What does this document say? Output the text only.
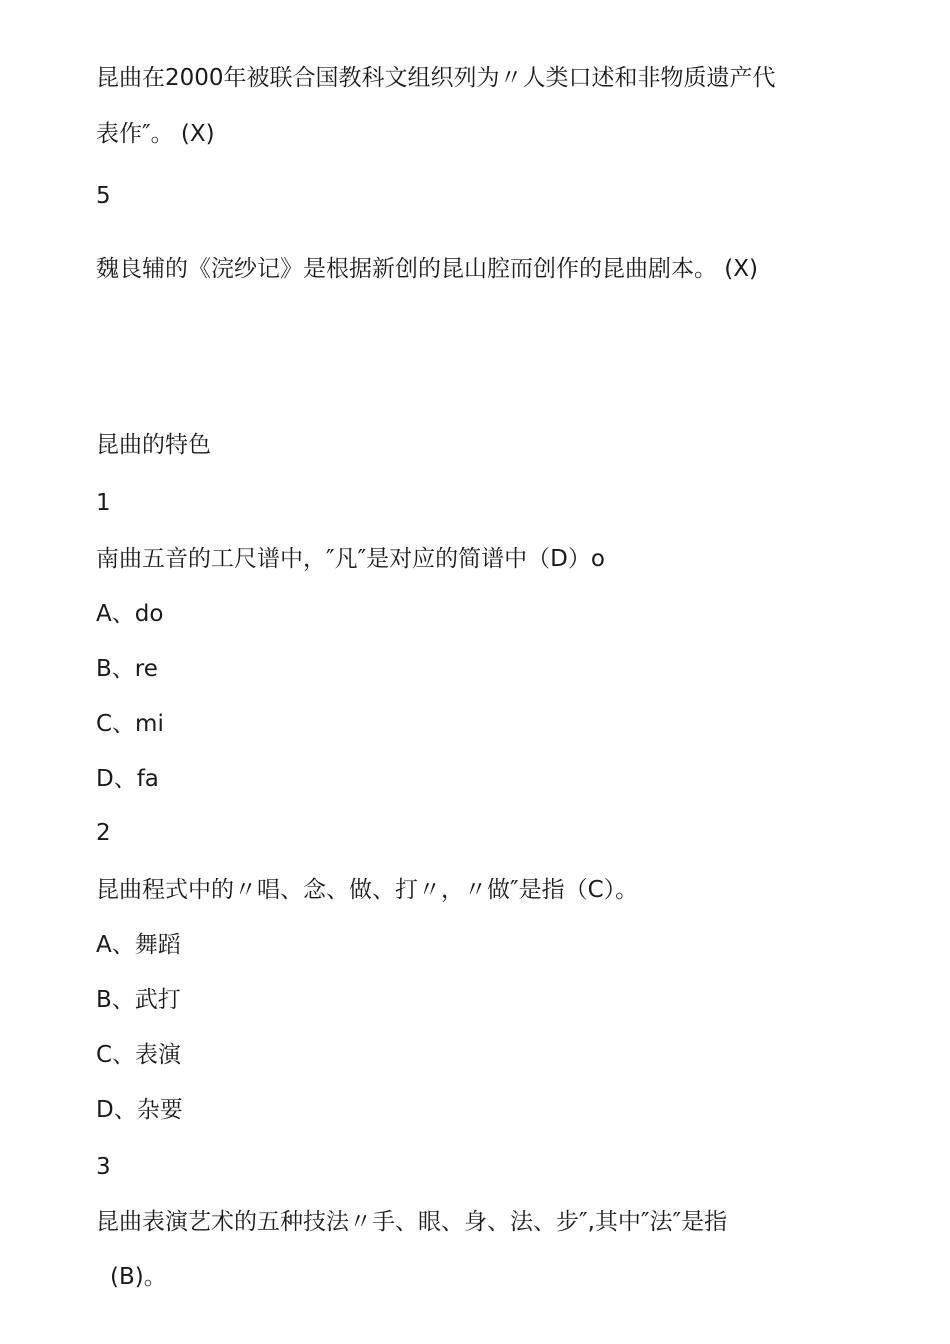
昆曲在2000年被联合国教科文组织列为〃人类口述和非物质遗产代
表作″。 (X)
5
魏良辅的《浣纱记》是根据新创的昆山腔而创作的昆曲剧本。 (X)
昆曲的特色
1
南曲五音的工尺谱中，″凡″是对应的简谱中（D）o
A、do
B、re
C、mi
D、fa
2
昆曲程式中的〃唱、念、做、打〃，〃做″是指（C）。
A、舞蹈
B、武打
C、表演
D、杂要
3
昆曲表演艺术的五种技法〃手、眼、身、法、步″,其中″法″是指
(B)。
